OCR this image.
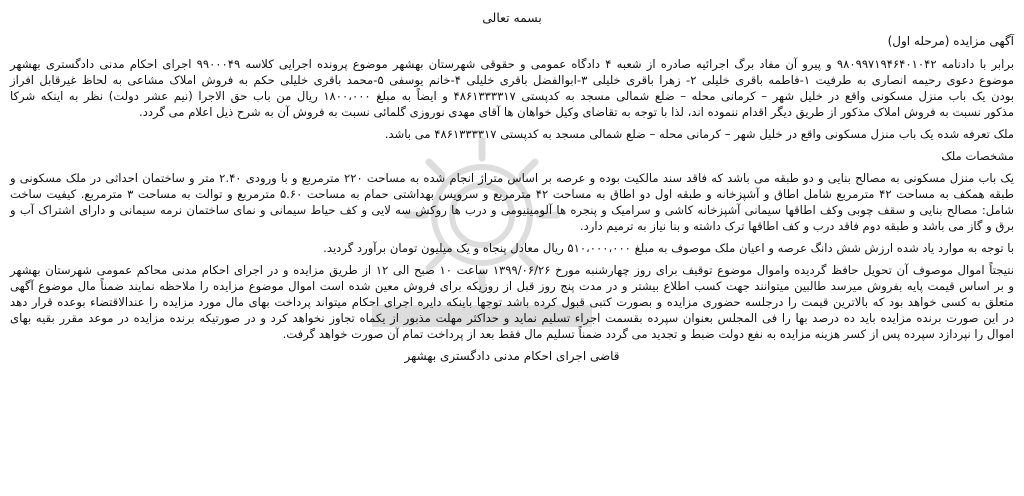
بسمه تعالی
آگهی مزایده (مرحله اول)

برابر با دادنامه ۹۸۰۹۹۷۱۹۴۶۴۰۱۰۴۲ و پیرو آن مفاد برگ اجرائیه صادره از شعبه ۴ دادگاه عمومی و حقوقی شهرستان بهشهر موضوع پرونده اجرایی کلاسه ۹۹۰۰۰۴۹ اجرای احکام مدنی دادگستری بهشهر

موضوع دعوی رحیمه انصاری به طرفیت ۱-فاطمه باقری خلیلی ۲- زهرا باقری خلیلی ۳-ابوالفضل باقری خلیلی ۴-خانم یوسفی ۵-محمد باقری خلیلی حکم به فروش املاک مشاعی به لحاظ غیرقابل افراز

بودن یک باب منزل مسکونی واقع در خلیل شهر – کرمانی محله – ضلع شمالی مسجد به کدپستی ۴۸۶۱۳۳۳۳۱۷ و ایضاً به مبلغ ۱۸۰۰،۰۰۰ ریال من باب حق الاجرا (نیم عشر دولت) نظر به اینکه شرکا

مذکور نسبت به فروش املاک مذکور از طریق دیگر اقدام ننموده اند، لذا با توجه به تقاضای وکیل خواهان ها آقای مهدی نوروزی گلمائی نسبت به فروش آن به شرح ذیل اعلام می گردد.

ملک تعرفه شده یک باب منزل مسکونی واقع در خلیل شهر – کرمانی محله – ضلع شمالی مسجد به کدپستی ۴۸۶۱۳۳۳۳۱۷ می باشد.
مشخصات ملک

یک باب منزل مسکونی به مصالح بنایی و دو طبقه می باشد که فاقد سند مالکیت بوده و عرصه بر اساس متراژ انجام شده به مساحت ۲۲۰ مترمربع و با ورودی ۲.۴۰ متر و ساختمان احداثی در ملک مسکونی و

طبقه همکف به مساحت ۴۲ مترمربع شامل اطاق و آشپزخانه و طبقه اول دو اطاق به مساحت ۴۲ مترمربع و سرویس بهداشتی حمام به مساحت ۵.۶۰ مترمربع و توالت به مساحت ۳ مترمربع. کیفیت ساخت

شامل: مصالح بنایی و سقف چوبی وکف اطاقها سیمانی آشپزخانه کاشی و سرامیک و پنجره ها آلومینیومی و درب ها روکش سه لایی و کف حیاط سیمانی و نمای ساختمان نرمه سیمانی و دارای اشتراک آب و

برق و گاز می باشد و طبقه دوم فاقد درب و کف اطاقها ترک داشته و بنا نیاز به ترمیم دارد.

با توجه به موارد یاد شده ارزش شش دانگ عرصه و اعیان ملک موصوف به مبلغ ۵۱۰،۰۰۰،۰۰۰ ریال معادل پنجاه و یک میلیون تومان برآورد گردید.

نتیجتاً اموال موصوف آن تحویل حافظ گردیده واموال موضوع توقیف برای روز چهارشنبه مورخ ۱۳۹۹/۰۶/۲۶ ساعت ۱۰ صبح الی ۱۲ از طریق مزایده و در اجرای احکام مدنی محاکم عمومی شهرستان بهشهر

و بر اساس قیمت پایه بفروش میرسد طالبین میتوانند جهت کسب اطلاع بیشتر و در مدت پنج روز قبل از روزیکه برای فروش معین شده است اموال موضوع مزایده را ملاحظه نمایند ضمناً مال موضوع آگهی

متعلق به کسی خواهد بود که بالاترین قیمت را درجلسه حضوری مزایده و بصورت کتبی قبول کرده باشد توجها باینکه دایره اجرای احکام میتواند پرداخت بهای مال مورد مزایده را عندالاقتضاء بوعده قرار دهد

در این صورت برنده مزایده باید ده درصد بها را فی المجلس بعنوان سپرده بقسمت اجراء تسلیم نماید و حداکثر مهلت مذبور از یکماه تجاوز نخواهد کرد و در صورتیکه برنده مزایده در موعد مقرر بقیه بهای

اموال را نپردازد سپرده پس از کسر هزینه مزایده به نفع دولت ضبط و تجدید می گردد ضمناً تسلیم مال فقط بعد از پرداخت تمام آن صورت خواهد گرفت.

قاضی اجرای احکام مدنی دادگستری بهشهر
